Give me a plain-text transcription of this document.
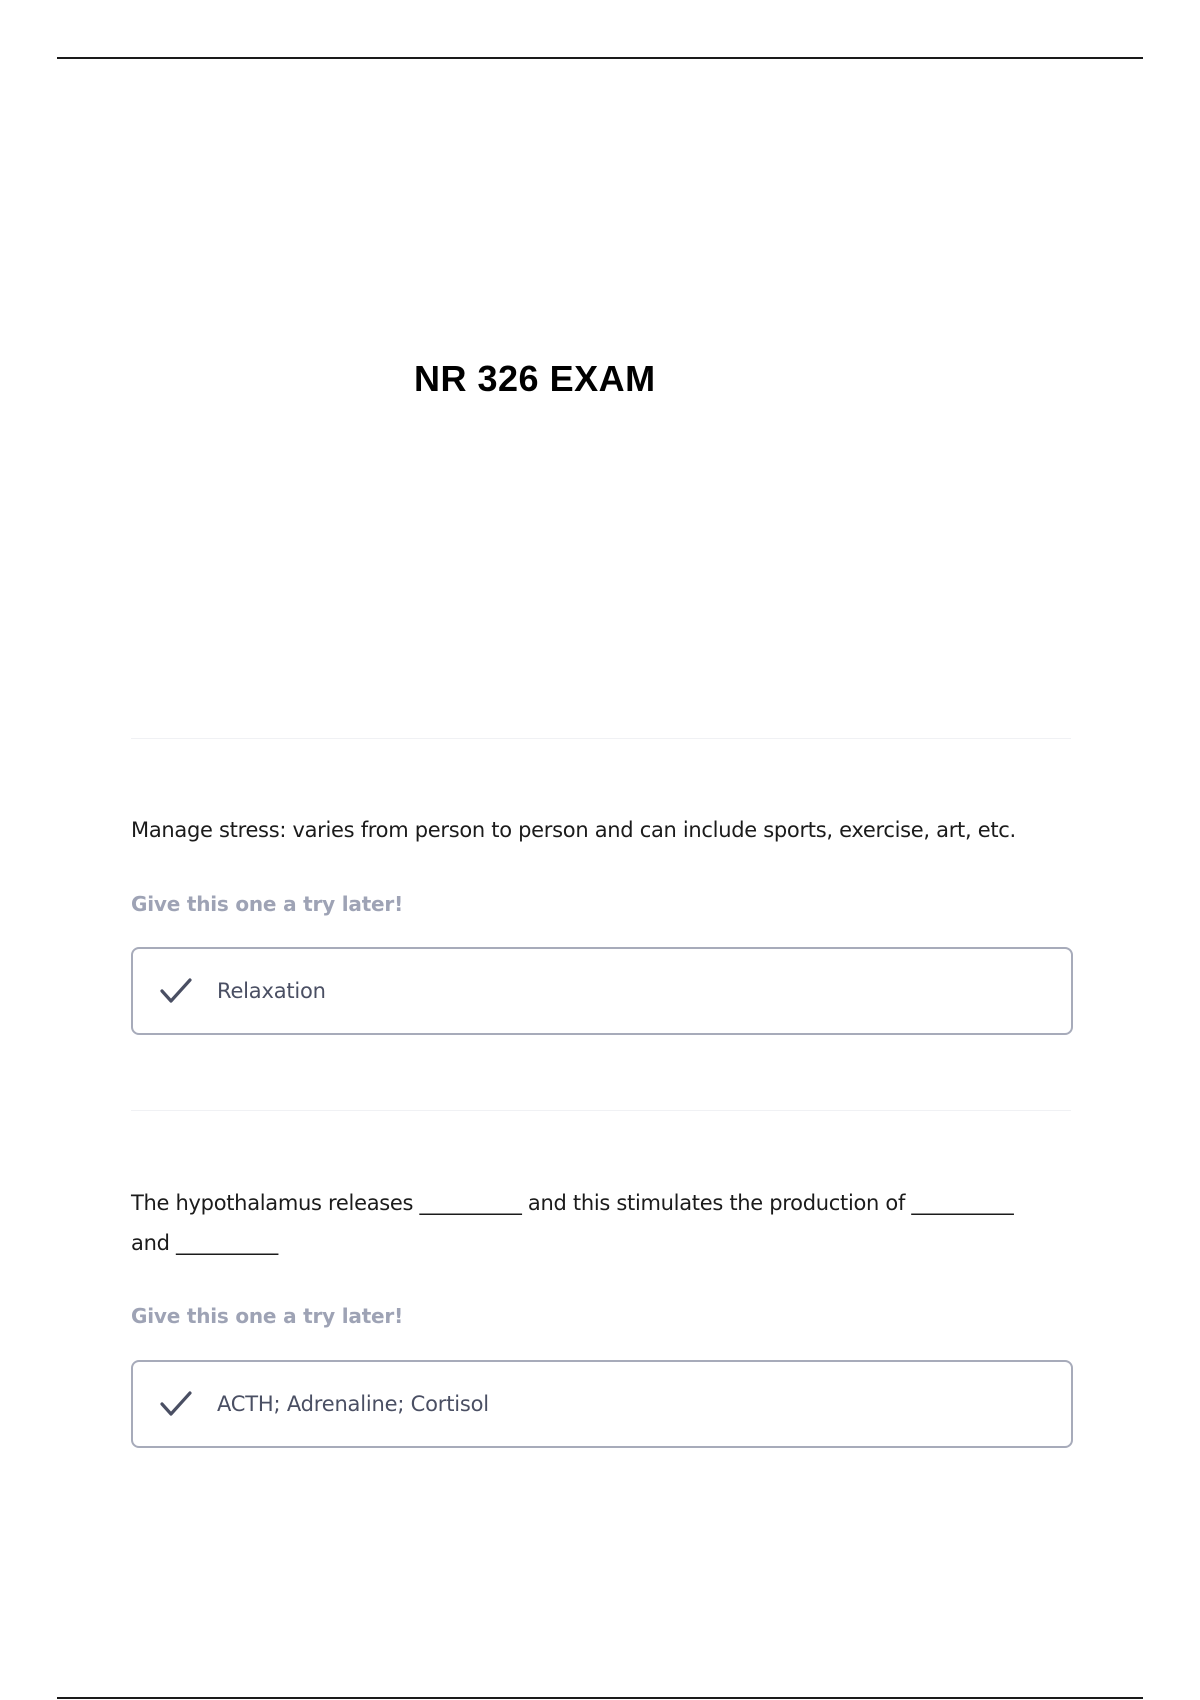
NR 326 EXAM
Manage stress: varies from person to person and can include sports, exercise, art, etc.
Give this one a try later!
Relaxation
The hypothalamus releases __________ and this stimulates the production of __________ and __________
Give this one a try later!
ACTH; Adrenaline; Cortisol
